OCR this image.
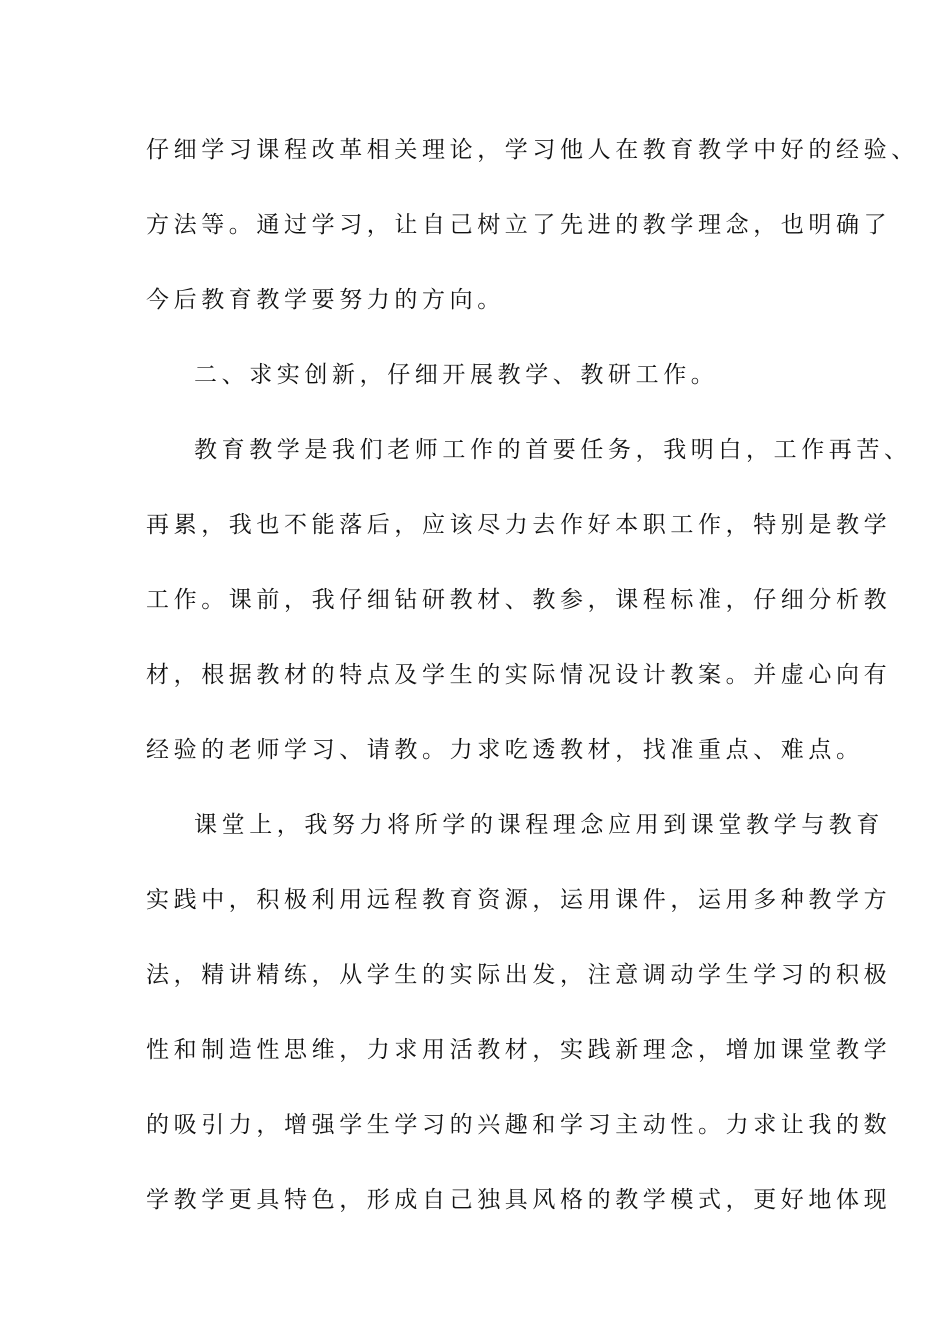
仔细学习课程改革相关理论，学习他人在教育教学中好的经验、
方法等。通过学习，让自己树立了先进的教学理念，也明确了
今后教育教学要努力的方向。
二、求实创新，仔细开展教学、教研工作。
教育教学是我们老师工作的首要任务，我明白，工作再苦、
再累，我也不能落后，应该尽力去作好本职工作，特别是教学
工作。课前，我仔细钻研教材、教参，课程标准，仔细分析教
材，根据教材的特点及学生的实际情况设计教案。并虚心向有
经验的老师学习、请教。力求吃透教材，找准重点、难点。
课堂上，我努力将所学的课程理念应用到课堂教学与教育
实践中，积极利用远程教育资源，运用课件，运用多种教学方
法，精讲精练，从学生的实际出发，注意调动学生学习的积极
性和制造性思维，力求用活教材，实践新理念，增加课堂教学
的吸引力，增强学生学习的兴趣和学习主动性。力求让我的数
学教学更具特色，形成自己独具风格的教学模式，更好地体现
